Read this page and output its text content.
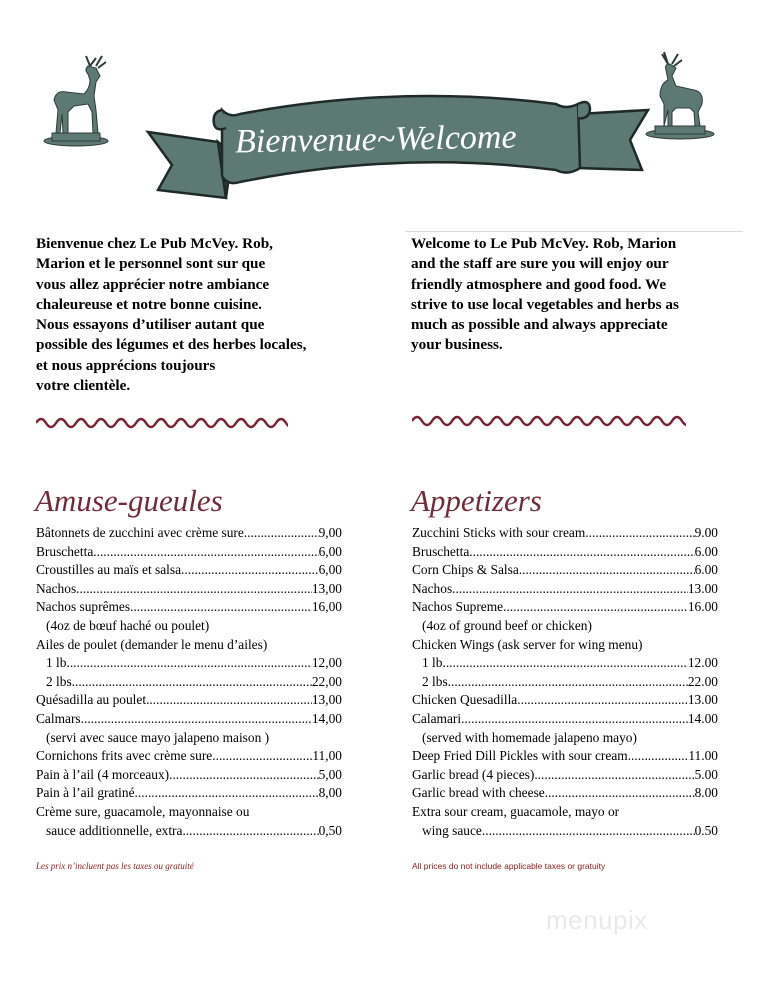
Bienvenue~Welcome

Bienvenue chez Le Pub McVey. Rob,
Marion et le personnel sont sur que
vous allez apprécier notre ambiance
chaleureuse et notre bonne cuisine.
Nous essayons d’utiliser autant que
possible des légumes et des herbes locales,
et nous apprécions toujours
votre clientèle.

Welcome to Le Pub McVey. Rob, Marion
and the staff are sure you will enjoy our
friendly atmosphere and good food. We
strive to use local vegetables and herbs as
much as possible and always appreciate
your business.

Amuse-gueules	Appetizers
Bâtonnets de zucchini avec crème sure .....	9,00
Bruschetta .....	6,00
Croustilles au maïs et salsa .....	6,00
Nachos .....	13,00
Nachos suprêmes .....	16,00
(4oz de bœuf haché ou poulet)
Ailes de poulet (demander le menu d’ailes)
1 lb .....	12,00
2 lbs .....	22,00
Quésadilla au poulet .....	13,00
Calmars .....	14,00
(servi avec sauce mayo jalapeno maison )
Cornichons frits avec crème sure .....	11,00
Pain à l’ail (4 morceaux) .....	5,00
Pain à l’ail gratiné .....	8,00
Crème sure, guacamole, mayonnaise ou
sauce additionnelle, extra .....	0,50
Zucchini Sticks with sour cream .....	9.00
Bruschetta .....	6.00
Corn Chips & Salsa .....	6.00
Nachos .....	13.00
Nachos Supreme .....	16.00
(4oz of ground beef or chicken)
Chicken Wings (ask server for wing menu)
1 lb .....	12.00
2 lbs .....	22.00
Chicken Quesadilla .....	13.00
Calamari .....	14.00
(served with homemade jalapeno mayo)
Deep Fried Dill Pickles with sour cream .....	11.00
Garlic bread (4 pieces) .....	5.00
Garlic bread with cheese .....	8.00
Extra sour cream, guacamole, mayo or
wing sauce .....	0.50

Les prix n’incluent pas les taxes ou gratuité	All prices do not include applicable taxes or gratuity

menupix
